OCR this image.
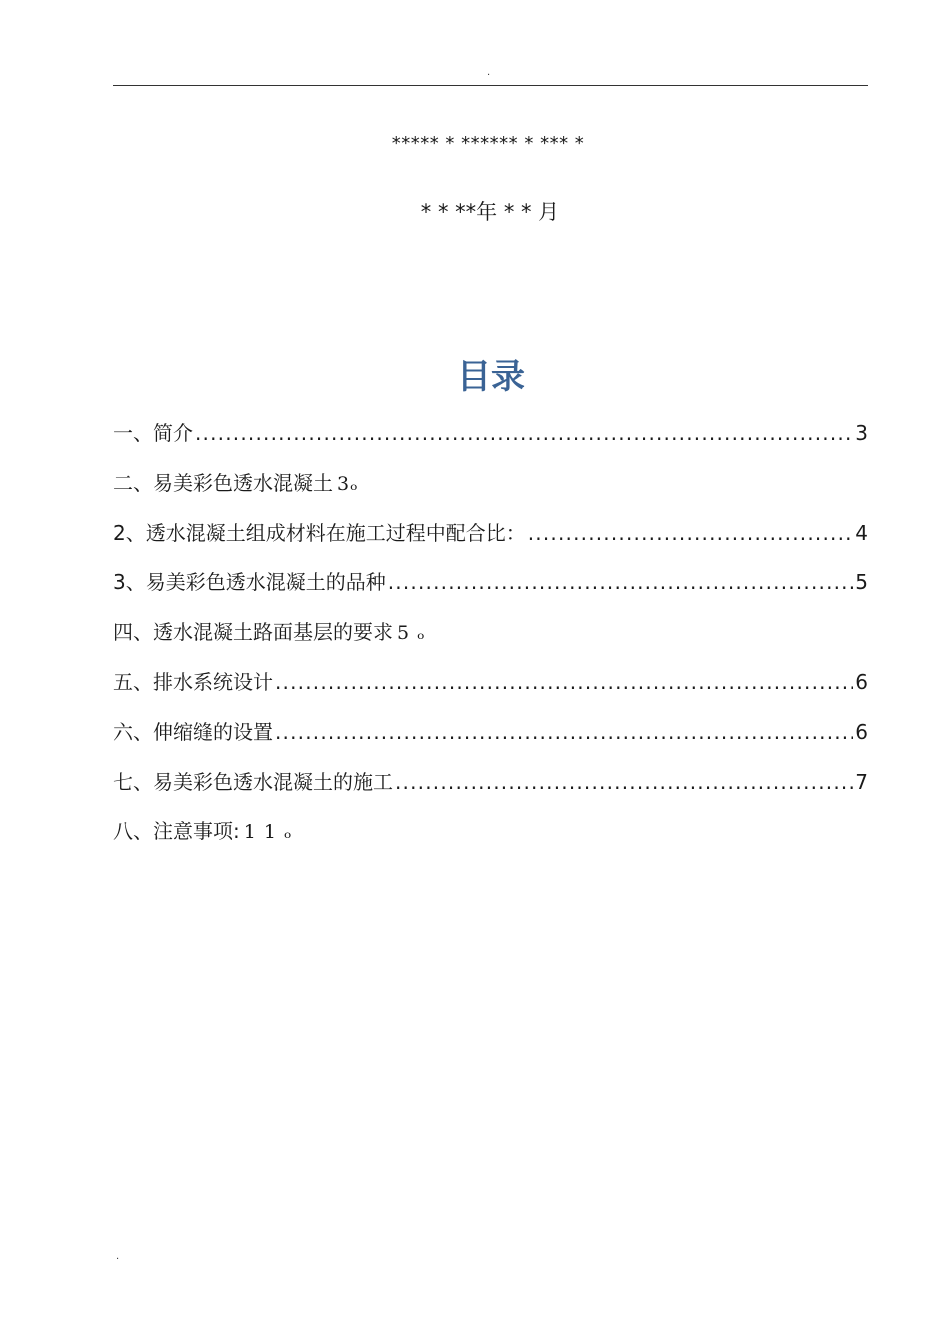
.
***** * ****** * *** *
* * **年 * * 月
目录
一、简介 .....	3
二、易美彩色透水混凝土 3ₒ
2、透水混凝土组成材料在施工过程中配合比： .....	4
3、易美彩色透水混凝土的品种 .....	5
四、透水混凝土路面基层的要求 5 ₒ
五、排水系统设计 .....	6
六、伸缩缝的设置 .....	6
七、易美彩色透水混凝土的施工 .....	7
八、注意事项: 1 1 ₒ
.
